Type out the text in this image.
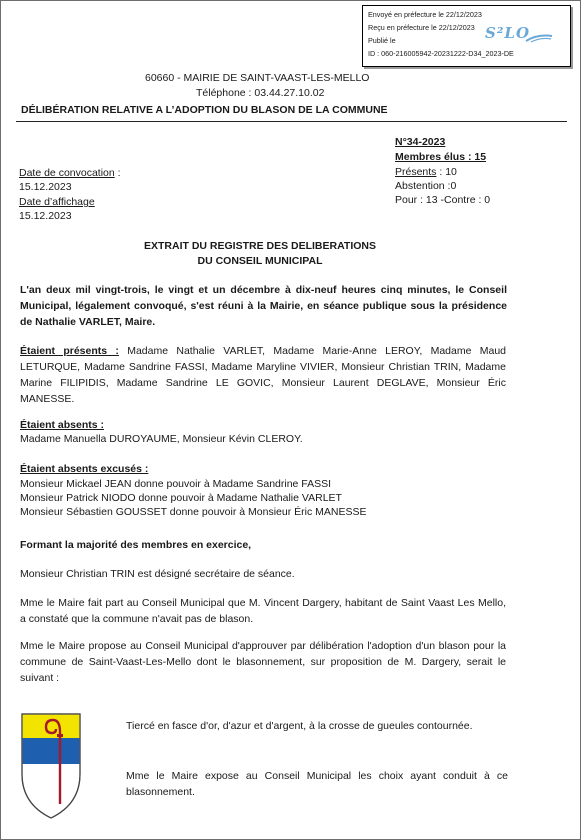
Envoyé en préfecture le 22/12/2023
Reçu en préfecture le 22/12/2023
Publié le
ID : 060-216005942-20231222-D34_2023-DE
S²LO
60660 - MAIRIE DE SAINT-VAAST-LES-MELLO
Téléphone : 03.44.27.10.02
DÉLIBÉRATION RELATIVE A L’ADOPTION DU BLASON DE LA COMMUNE
N°34-2023
Membres élus : 15
Présents : 10
Abstention :0
Pour : 13 -Contre : 0
Date de convocation :
15.12.2023
Date d’affichage
15.12.2023
EXTRAIT DU REGISTRE DES DELIBERATIONS
DU CONSEIL MUNICIPAL
L'an deux mil vingt-trois, le vingt et un décembre à dix-neuf heures cinq minutes, le Conseil Municipal, légalement convoqué, s'est réuni à la Mairie, en séance publique sous la présidence de Nathalie VARLET, Maire.
Étaient présents : Madame Nathalie VARLET, Madame Marie-Anne LEROY, Madame Maud LETURQUE, Madame Sandrine FASSI, Madame Maryline VIVIER, Monsieur Christian TRIN, Madame Marine FILIPIDIS, Madame Sandrine LE GOVIC, Monsieur Laurent DEGLAVE, Monsieur Éric MANESSE.
Étaient absents :
Madame Manuella DUROYAUME, Monsieur Kévin CLEROY.
Étaient absents excusés :
Monsieur Mickael JEAN donne pouvoir à Madame Sandrine FASSI
Monsieur Patrick NIODO donne pouvoir à Madame Nathalie VARLET
Monsieur Sébastien GOUSSET donne pouvoir à Monsieur Éric MANESSE
Formant la majorité des membres en exercice,
Monsieur Christian TRIN est désigné secrétaire de séance.
Mme le Maire fait part au Conseil Municipal que M. Vincent Dargery, habitant de Saint Vaast Les Mello, a constaté que la commune n'avait pas de blason.
Mme le Maire propose au Conseil Municipal d'approuver par délibération l'adoption d'un blason pour la commune de Saint-Vaast-Les-Mello dont le blasonnement, sur proposition de M. Dargery, serait le suivant :
Tiercé en fasce d'or, d'azur et d'argent, à la crosse de gueules contournée.
Mme le Maire expose au Conseil Municipal les choix ayant conduit à ce blasonnement.
